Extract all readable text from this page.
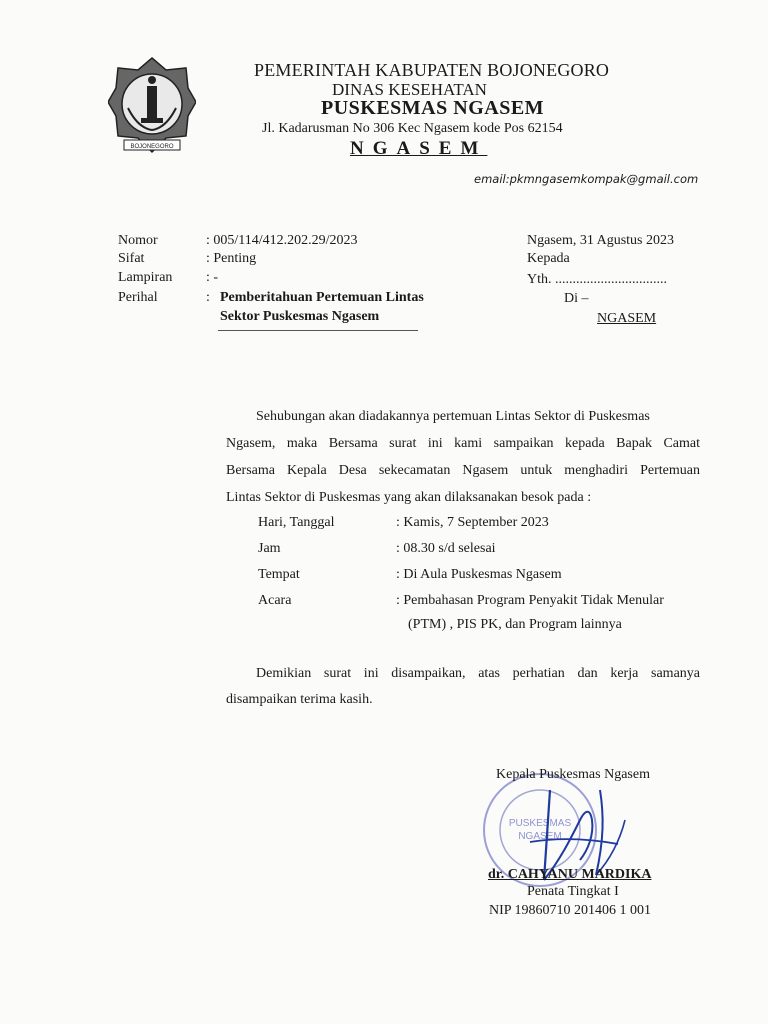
BOJONEGORO
PEMERINTAH KABUPATEN BOJONEGORO
DINAS KESEHATAN
PUSKESMAS NGASEM
Jl. Kadarusman No 306 Kec Ngasem kode Pos 62154
NGASEM
email:pkmngasemkompak@gmail.com
Nomor	: 005/114/412.202.29/2023
Sifat	: Penting
Lampiran : -
Perihal	: Pemberitahuan Pertemuan Lintas
Sektor Puskesmas Ngasem
Ngasem, 31 Agustus 2023
Kepada
Yth. ................................
Di –
NGASEM
Sehubungan akan diadakannya pertemuan Lintas Sektor di Puskesmas
Ngasem, maka Bersama surat ini kami sampaikan kepada Bapak Camat
Bersama Kepala Desa sekecamatan Ngasem untuk menghadiri Pertemuan
Lintas Sektor di Puskesmas yang akan dilaksanakan besok pada :
Hari, Tanggal	: Kamis, 7 September 2023
Jam	: 08.30 s/d selesai
Tempat	: Di Aula Puskesmas Ngasem
Acara	: Pembahasan Program Penyakit Tidak Menular
(PTM) , PIS PK, dan Program lainnya
Demikian surat ini disampaikan, atas perhatian dan kerja samanya
disampaikan terima kasih.
PUSKESMAS
NGASEM
Kepala Puskesmas Ngasem
dr. CAHYANU MARDIKA
Penata Tingkat I
NIP 19860710 201406 1 001
